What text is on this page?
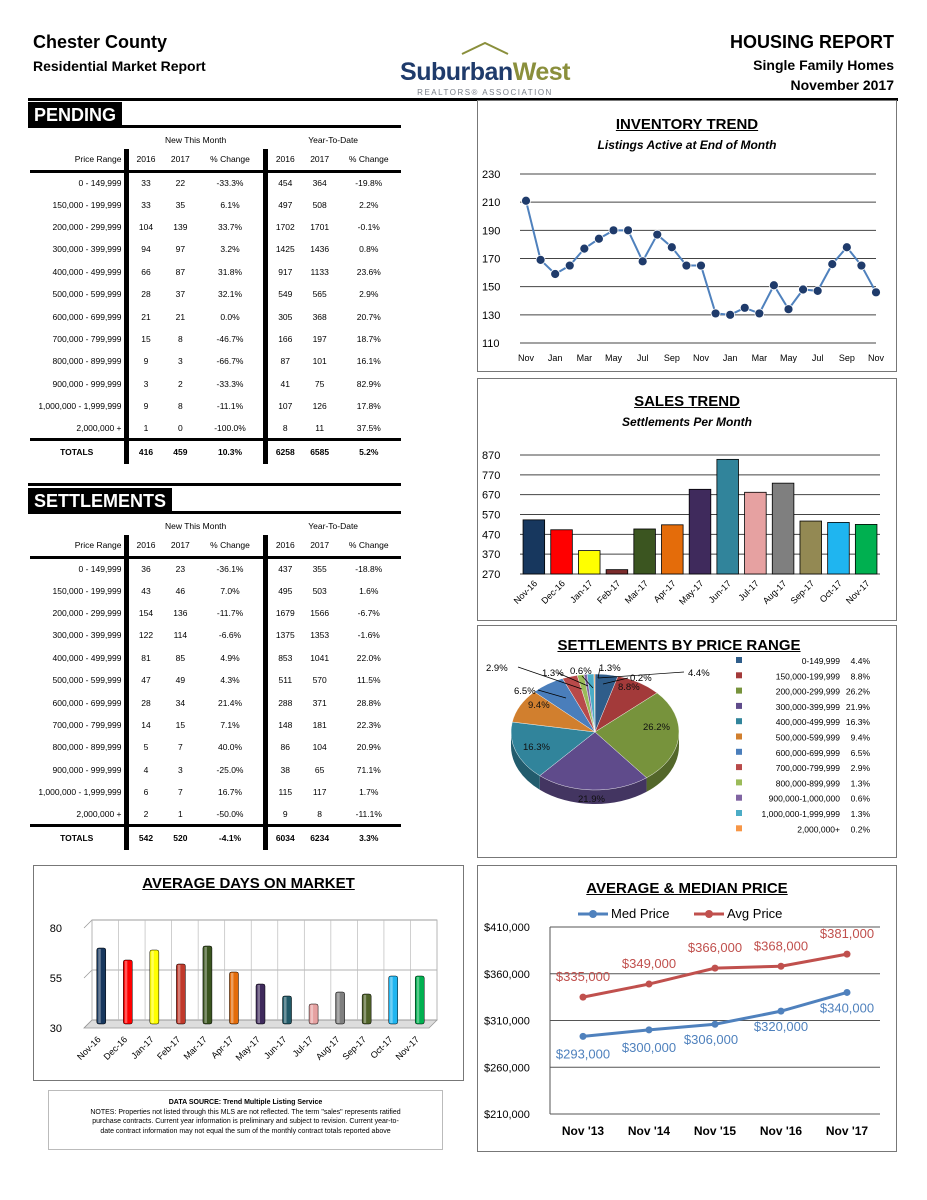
Chester County
Residential Market Report	SuburbanWest
REALTORS® ASSOCIATION
HOUSING REPORT
Single Family Homes
November 2017
PENDING
	New This Month			Year-To-Date		
Price Range	2016	2017	% Change	2016	2017	% Change
0 - 149,999	33	22	-33.3%	454	364	-19.8%
150,000 - 199,999	33	35	6.1%	497	508	2.2%
200,000 - 299,999	104	139	33.7%	1702	1701	-0.1%
300,000 - 399,999	94	97	3.2%	1425	1436	0.8%
400,000 - 499,999	66	87	31.8%	917	1133	23.6%
500,000 - 599,999	28	37	32.1%	549	565	2.9%
600,000 - 699,999	21	21	0.0%	305	368	20.7%
700,000 - 799,999	15	8	-46.7%	166	197	18.7%
800,000 - 899,999	9	3	-66.7%	87	101	16.1%
900,000 - 999,999	3	2	-33.3%	41	75	82.9%
1,000,000 - 1,999,999	9	8	-11.1%	107	126	17.8%
2,000,000 +	1	0	-100.0%	8	11	37.5%
TOTALS	416	459	10.3%	6258	6585	5.2%
SETTLEMENTS
	New This Month			Year-To-Date		
Price Range	2016	2017	% Change	2016	2017	% Change
0 - 149,999	36	23	-36.1%	437	355	-18.8%
150,000 - 199,999	43	46	7.0%	495	503	1.6%
200,000 - 299,999	154	136	-11.7%	1679	1566	-6.7%
300,000 - 399,999	122	114	-6.6%	1375	1353	-1.6%
400,000 - 499,999	81	85	4.9%	853	1041	22.0%
500,000 - 599,999	47	49	4.3%	511	570	11.5%
600,000 - 699,999	28	34	21.4%	288	371	28.8%
700,000 - 799,999	14	15	7.1%	148	181	22.3%
800,000 - 899,999	5	7	40.0%	86	104	20.9%
900,000 - 999,999	4	3	-25.0%	38	65	71.1%
1,000,000 - 1,999,999	6	7	16.7%	115	117	1.7%
2,000,000 +	2	1	-50.0%	9	8	-11.1%
TOTALS	542	520	-4.1%	6034	6234	3.3%
INVENTORY TREND
Listings Active at End of Month
110
130
150
170
190
210
230
Nov Jan Mar May Jul Sep Nov Jan Mar May Jul Sep Nov
SALES TREND
Settlements Per Month
270
370
470
570
670
770
870
Nov-16 Dec-16 Jan-17 Feb-17 Mar-17 Apr-17 May-17 Jun-17 Jul-17 Aug-17 Sep-17 Oct-17 Nov-17
SETTLEMENTS BY PRICE RANGE
4.4%
8.8%
26.2%
21.9%
16.3%
9.4%
6.5%
2.9%	1.3%
0.6%
1.3%	0.2%
0-149,999 4.4%
150,000-199,999 8.8%
200,000-299,999 26.2%
300,000-399,999 21.9%
400,000-499,999 16.3%
500,000-599,999 9.4%
600,000-699,999 6.5%
700,000-799,999 2.9%
800,000-899,999 1.3%
900,000-1,000,000 0.6%
1,000,000-1,999,999 1.3%
2,000,000+ 0.2%
AVERAGE DAYS ON MARKET
30
55
80
Nov-16
Dec-16 Jan-17 Feb-17 Mar-17 Apr-17
May-17 Jun-17 Jul-17
Aug-17
Sep-17 Oct-17
Nov-17
AVERAGE & MEDIAN PRICE
$210,000
$260,000
$310,000
$360,000
$410,000
Nov '13 Nov '14 Nov '15 Nov '16 Nov '17
$293,000 $300,000
$306,000
$320,000
$340,000
$335,000
$349,000
$366,000 $368,000
$381,000
Med Price	Avg Price
DATA SOURCE: Trend Multiple Listing Service
NOTES: Properties not listed through this MLS are not reflected. The term "sales" represents ratified
purchase contracts. Current year information is preliminary and subject to revision. Current year-to-
date contract information may not equal the sum of the monthly contract totals reported above
